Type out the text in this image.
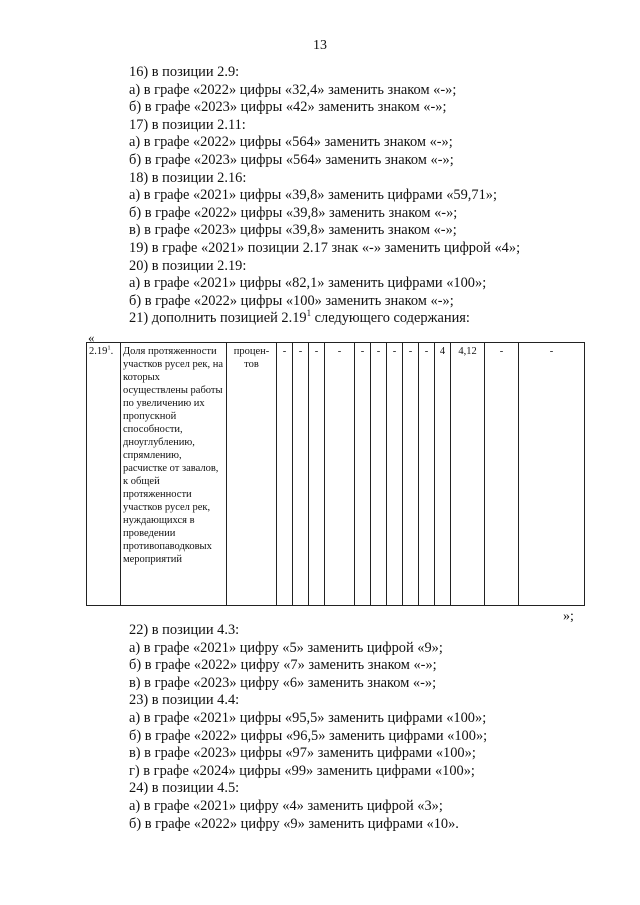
13
16) в позиции 2.9:
а) в графе «2022» цифры «32,4» заменить знаком «-»;
б) в графе «2023» цифры «42» заменить знаком «-»;
17) в позиции 2.11:
а) в графе «2022» цифры «564» заменить знаком «-»;
б) в графе «2023» цифры «564» заменить знаком «-»;
18) в позиции 2.16:
а) в графе «2021» цифры «39,8» заменить цифрами «59,71»;
б) в графе «2022» цифры «39,8» заменить знаком «-»;
в) в графе «2023» цифры «39,8» заменить знаком «-»;
19) в графе «2021» позиции 2.17 знак «-» заменить цифрой «4»;
20) в позиции 2.19:
а) в графе «2021» цифры «82,1» заменить цифрами «100»;
б) в графе «2022» цифры «100» заменить знаком «-»;
21) дополнить позицией 2.19$^1$ следующего содержания:
«
2.19$^1$.	Доля протяженности участков русел рек, на которых осуществлены работы по увеличению их пропускной способности, дноуглублению, спрямлению, расчистке от завалов, к общей протяженности участков русел рек, нуждающихся в проведении противопаводковых мероприятий	процен-тов	-	-	-	-	-	-	-	-	-	4	4,12	-	-
»;
22) в позиции 4.3:
а) в графе «2021» цифру «5» заменить цифрой «9»;
б) в графе «2022» цифру «7» заменить знаком «-»;
в) в графе «2023» цифру «6» заменить знаком «-»;
23) в позиции 4.4:
а) в графе «2021» цифры «95,5» заменить цифрами «100»;
б) в графе «2022» цифры «96,5» заменить цифрами «100»;
в) в графе «2023» цифры «97» заменить цифрами «100»;
г) в графе «2024» цифры «99» заменить цифрами «100»;
24) в позиции 4.5:
а) в графе «2021» цифру «4» заменить цифрой «3»;
б) в графе «2022» цифру «9» заменить цифрами «10».
